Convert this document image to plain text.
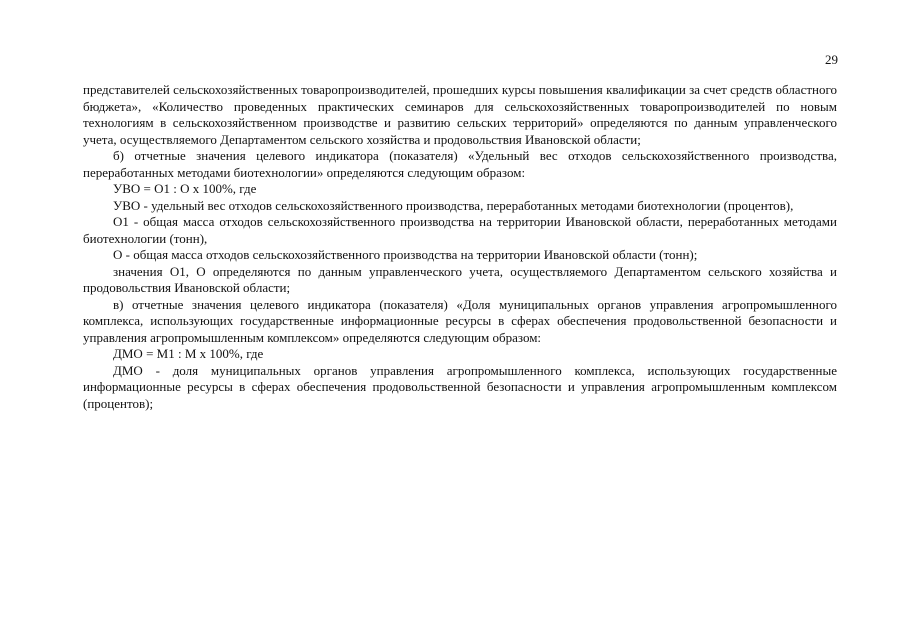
29

представителей сельскохозяйственных товаропроизводителей, прошедших курсы повышения квалификации за счет средств областного бюджета», «Количество проведенных практических семинаров для сельскохозяйственных товаропроизводителей по новым технологиям в сельскохозяйственном производстве и развитию сельских территорий» определяются по данным управленческого учета, осуществляемого Департаментом сельского хозяйства и продовольствия Ивановской области;

б) отчетные значения целевого индикатора (показателя) «Удельный вес отходов сельскохозяйственного производства, переработанных методами биотехнологии» определяются следующим образом:

УВО = О1 : О х 100%, где

УВО - удельный вес отходов сельскохозяйственного производства, переработанных методами биотехнологии (процентов),

О1 - общая масса отходов сельскохозяйственного производства на территории Ивановской области, переработанных методами биотехнологии (тонн),

О - общая масса отходов сельскохозяйственного производства на территории Ивановской области (тонн);

значения О1, О определяются по данным управленческого учета, осуществляемого Департаментом сельского хозяйства и продовольствия Ивановской области;

в) отчетные значения целевого индикатора (показателя) «Доля муниципальных органов управления агропромышленного комплекса, использующих государственные информационные ресурсы в сферах обеспечения продовольственной безопасности и управления агропромышленным комплексом» определяются следующим образом:

ДМО = М1 : М х 100%, где

ДМО - доля муниципальных органов управления агропромышленного комплекса, использующих государственные информационные ресурсы в сферах обеспечения продовольственной безопасности и управления агропромышленным комплексом (процентов);
